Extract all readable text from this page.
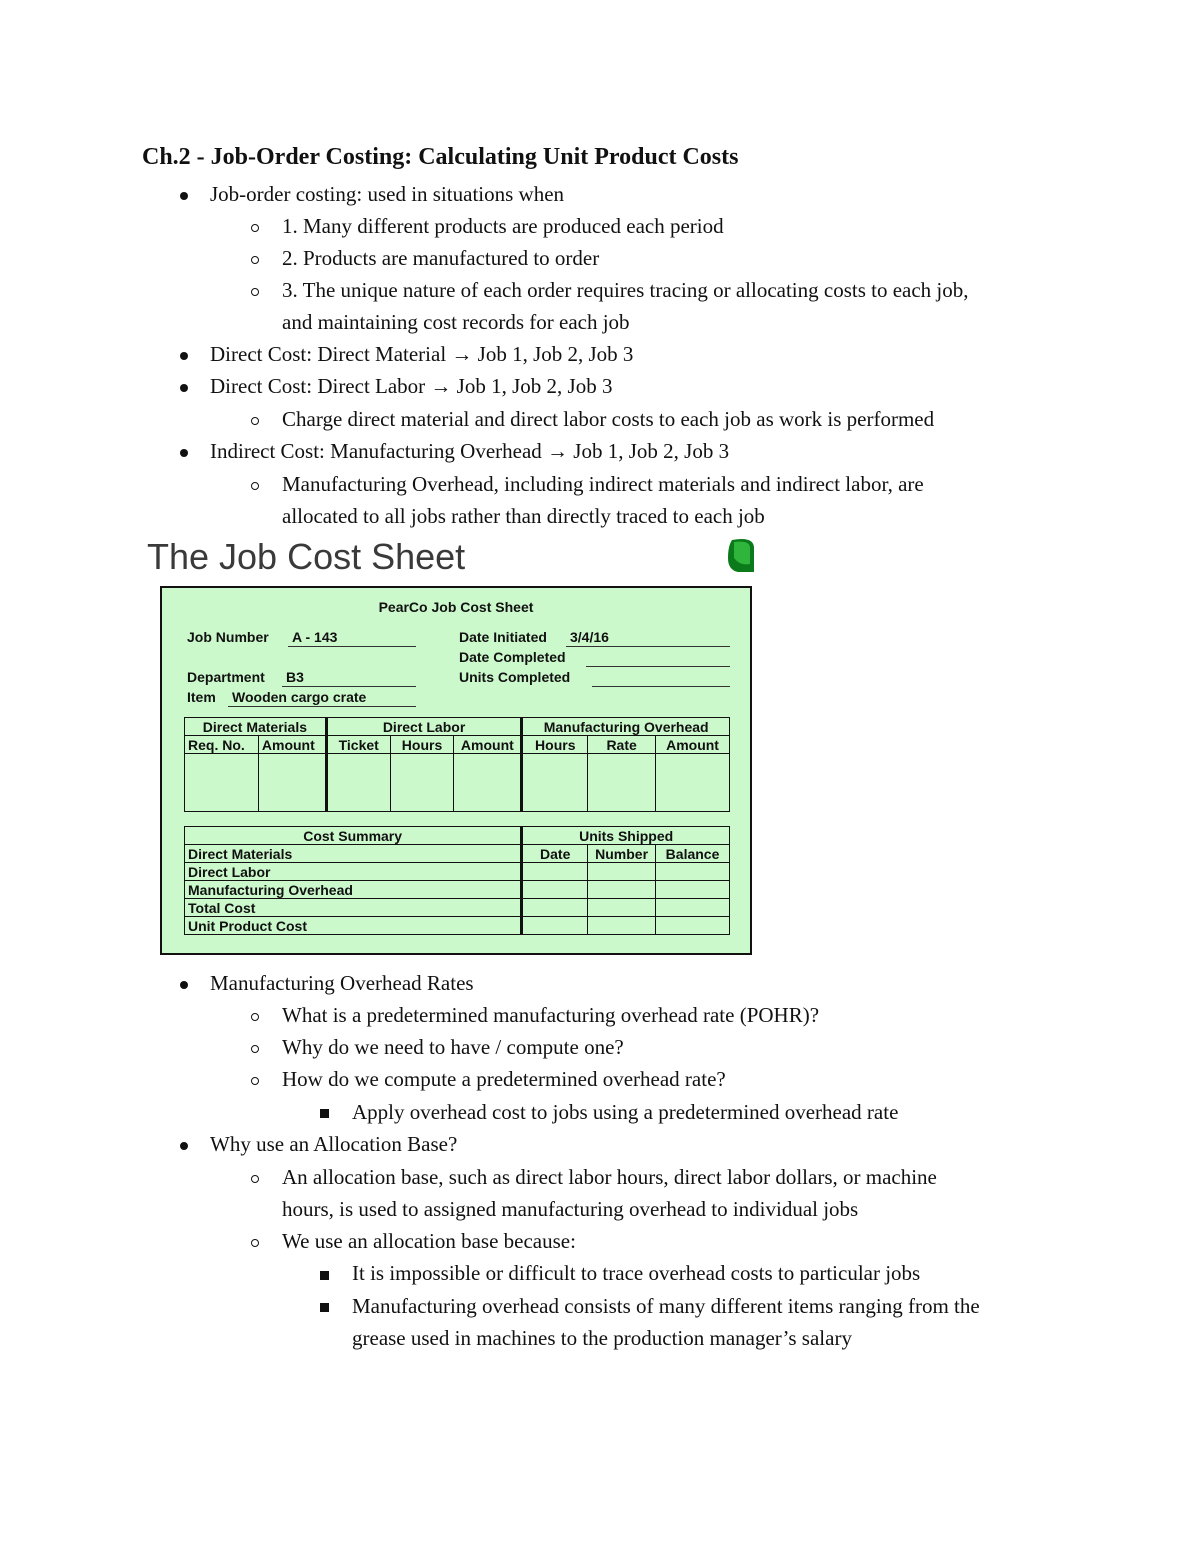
Ch.2 - Job-Order Costing: Calculating Unit Product Costs
Job-order costing: used in situations when
1. Many different products are produced each period
2. Products are manufactured to order
3. The unique nature of each order requires tracing or allocating costs to each job,
and maintaining cost records for each job
Direct Cost: Direct Material → Job 1, Job 2, Job 3
Direct Cost: Direct Labor → Job 1, Job 2, Job 3
Charge direct material and direct labor costs to each job as work is performed
Indirect Cost: Manufacturing Overhead → Job 1, Job 2, Job 3
Manufacturing Overhead, including indirect materials and indirect labor, are
allocated to all jobs rather than directly traced to each job
The Job Cost Sheet
PearCo Job Cost Sheet
Job Number A - 143	Date Initiated 3/4/16
Date Completed
Department B3	Units Completed
Item Wooden cargo crate
Direct Materials		Direct Labor			Manufacturing Overhead		
Req. No.	Amount	Ticket	Hours	Amount	Hours	Rate	Amount

Cost Summary	Units Shipped		
Direct Materials	Date	Number	Balance
Direct Labor			
Manufacturing Overhead			
Total Cost			
Unit Product Cost			
Manufacturing Overhead Rates
What is a predetermined manufacturing overhead rate (POHR)?
Why do we need to have / compute one?
How do we compute a predetermined overhead rate?
Apply overhead cost to jobs using a predetermined overhead rate
Why use an Allocation Base?
An allocation base, such as direct labor hours, direct labor dollars, or machine
hours, is used to assigned manufacturing overhead to individual jobs
We use an allocation base because:
It is impossible or difficult to trace overhead costs to particular jobs
Manufacturing overhead consists of many different items ranging from the
grease used in machines to the production manager’s salary
